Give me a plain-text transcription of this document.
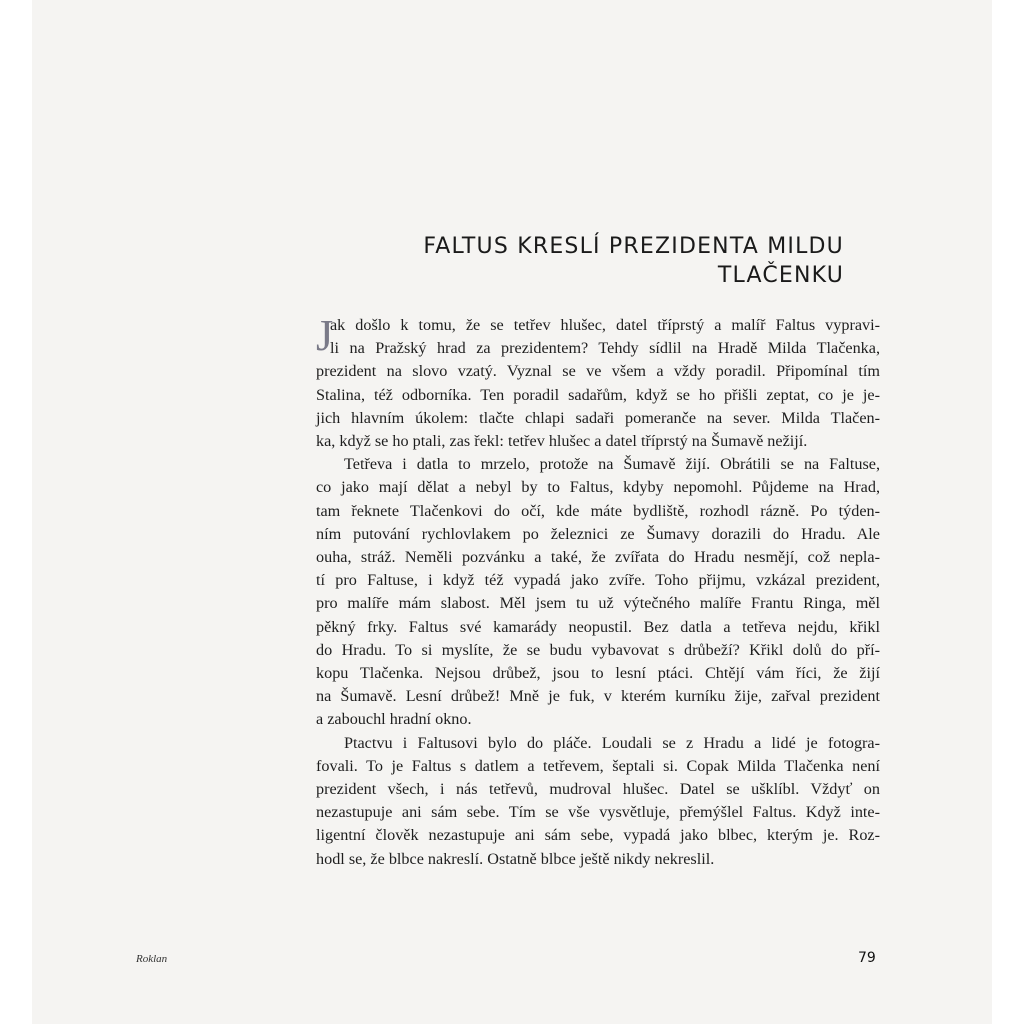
FALTUS KRESLÍ PREZIDENTA MILDU
TLAČENKU
J
ak došlo k tomu, že se tetřev hlušec, datel tříprstý a malíř Faltus vypravi-
li na Pražský hrad za prezidentem? Tehdy sídlil na Hradě Milda Tlačenka,
prezident na slovo vzatý. Vyznal se ve všem a vždy poradil. Připomínal tím
Stalina, též odborníka. Ten poradil sadařům, když se ho přišli zeptat, co je je-
jich hlavním úkolem: tlačte chlapi sadaři pomeranče na sever. Milda Tlačen-
ka, když se ho ptali, zas řekl: tetřev hlušec a datel tříprstý na Šumavě nežijí.
Tetřeva i datla to mrzelo, protože na Šumavě žijí. Obrátili se na Faltuse,
co jako mají dělat a nebyl by to Faltus, kdyby nepomohl. Půjdeme na Hrad,
tam řeknete Tlačenkovi do očí, kde máte bydliště, rozhodl rázně. Po týden-
ním putování rychlovlakem po železnici ze Šumavy dorazili do Hradu. Ale
ouha, stráž. Neměli pozvánku a také, že zvířata do Hradu nesmějí, což nepla-
tí pro Faltuse, i když též vypadá jako zvíře. Toho přijmu, vzkázal prezident,
pro malíře mám slabost. Měl jsem tu už výtečného malíře Frantu Ringa, měl
pěkný frky. Faltus své kamarády neopustil. Bez datla a tetřeva nejdu, křikl
do Hradu. To si myslíte, že se budu vybavovat s drůbeží? Křikl dolů do pří-
kopu Tlačenka. Nejsou drůbež, jsou to lesní ptáci. Chtějí vám říci, že žijí
na Šumavě. Lesní drůbež! Mně je fuk, v kterém kurníku žije, zařval prezident
a zabouchl hradní okno.
Ptactvu i Faltusovi bylo do pláče. Loudali se z Hradu a lidé je fotogra-
fovali. To je Faltus s datlem a tetřevem, šeptali si. Copak Milda Tlačenka není
prezident všech, i nás tetřevů, mudroval hlušec. Datel se ušklíbl. Vždyť on
nezastupuje ani sám sebe. Tím se vše vysvětluje, přemýšlel Faltus. Když inte-
ligentní člověk nezastupuje ani sám sebe, vypadá jako blbec, kterým je. Roz-
hodl se, že blbce nakreslí. Ostatně blbce ještě nikdy nekreslil.
Roklan	79
